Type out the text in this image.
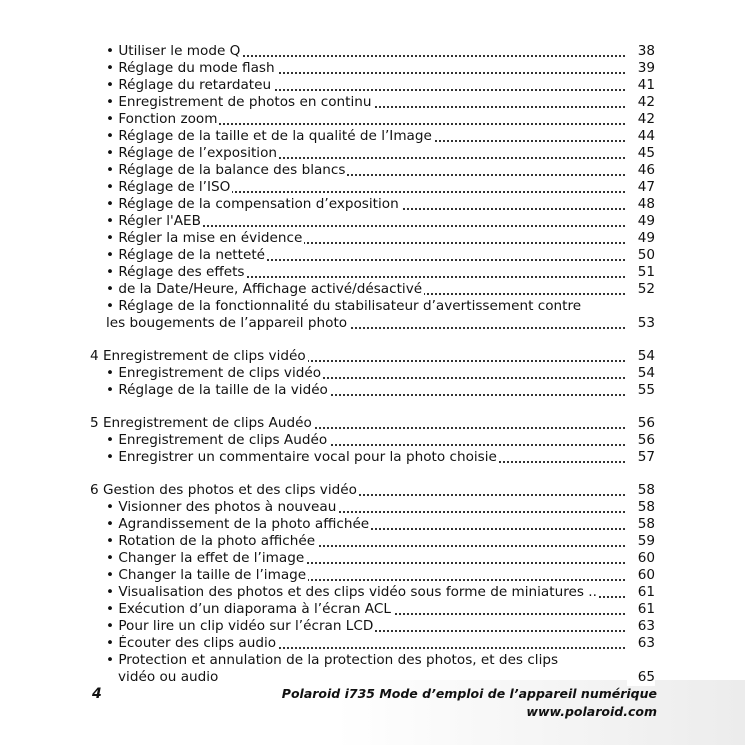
• Utiliser le mode Q	38
• Réglage du mode flash	39
• Réglage du retardateu	41
• Enregistrement de photos en continu	42
• Fonction zoom	42
• Réglage de la taille et de la qualité de l’Image	44
• Réglage de l’exposition	45
• Réglage de la balance des blancs	46
• Réglage de l’ISO	47
• Réglage de la compensation d’exposition	48
• Régler l'AEB	49
• Régler la mise en évidence	49
• Réglage de la netteté	50
• Réglage des effets	51
• de la Date/Heure, Affichage activé/désactivé	52
• Réglage de la fonctionnalité du stabilisateur d’avertissement contre
les bougements de l’appareil photo	53
4 Enregistrement de clips vidéo	54
• Enregistrement de clips vidéo	54
• Réglage de la taille de la vidéo	55
5 Enregistrement de clips Audéo	56
• Enregistrement de clips Audéo	56
• Enregistrer un commentaire vocal pour la photo choisie	57
6 Gestion des photos et des clips vidéo	58
• Visionner des photos à nouveau	58
• Agrandissement de la photo affichée	58
• Rotation de la photo affichée	59
• Changer la effet de l’image	60
• Changer la taille de l’image	60
• Visualisation des photos et des clips vidéo sous forme de miniatures ..	61
• Exécution d’un diaporama à l’écran ACL	61
• Pour lire un clip vidéo sur l’écran LCD	63
• Écouter des clips audio	63
• Protection et annulation de la protection des photos, et des clips
vidéo ou audio	65
4	Polaroid i735 Mode d’emploi de l’appareil numérique
www.polaroid.com
